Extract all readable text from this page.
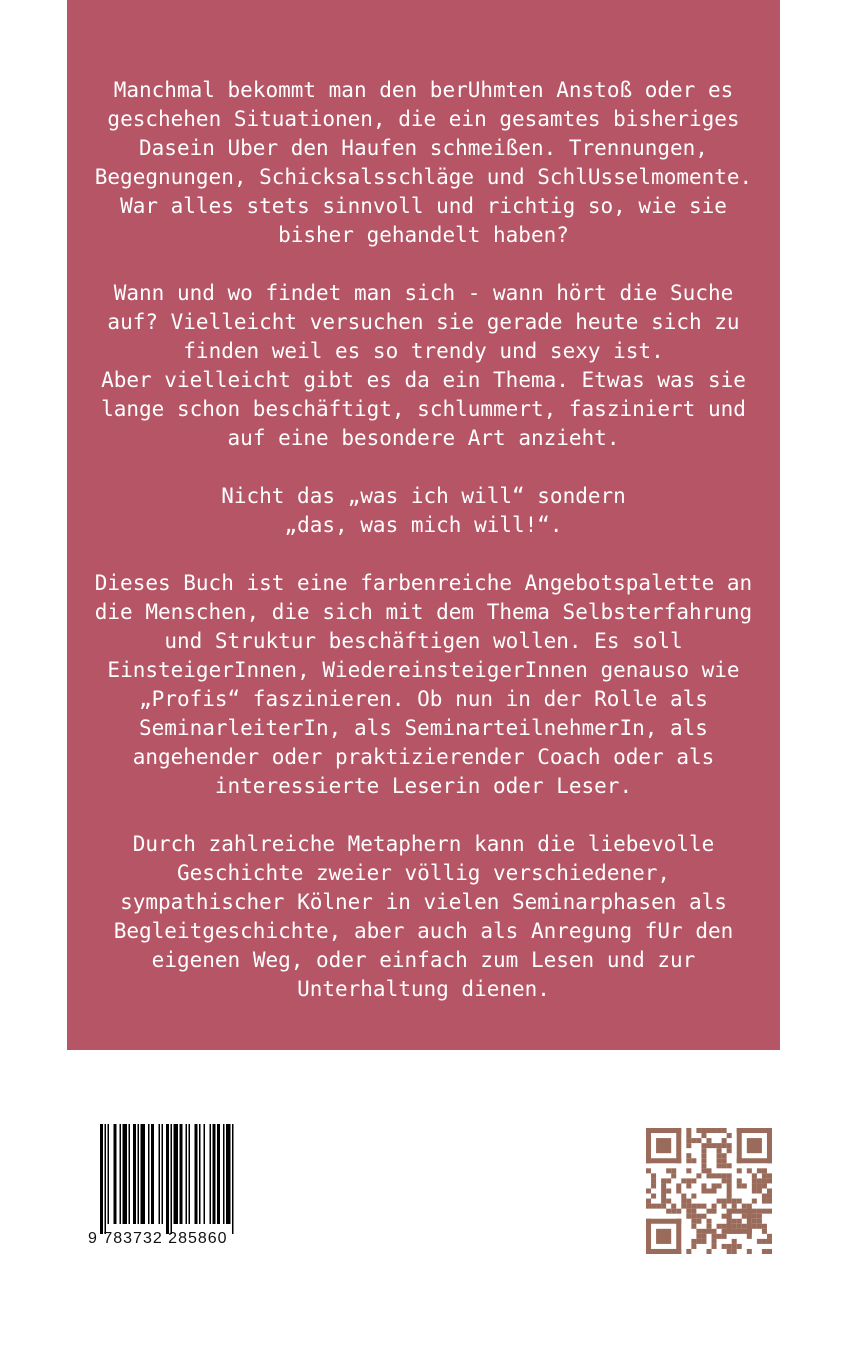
Manchmal bekommt man den berUhmten Anstoß oder es
geschehen Situationen, die ein gesamtes bisheriges
Dasein Uber den Haufen schmeißen. Trennungen,
Begegnungen, Schicksalsschläge und SchlUsselmomente.
War alles stets sinnvoll und richtig so, wie sie
bisher gehandelt haben?

Wann und wo findet man sich - wann hört die Suche
auf? Vielleicht versuchen sie gerade heute sich zu
finden weil es so trendy und sexy ist.
Aber vielleicht gibt es da ein Thema. Etwas was sie
lange schon beschäftigt, schlummert, fasziniert und
auf eine besondere Art anzieht.

Nicht das „was ich will“ sondern
„das, was mich will!“.

Dieses Buch ist eine farbenreiche Angebotspalette an
die Menschen, die sich mit dem Thema Selbsterfahrung
und Struktur beschäftigen wollen. Es soll
EinsteigerInnen, WiedereinsteigerInnen genauso wie
„Profis“ faszinieren. Ob nun in der Rolle als
SeminarleiterIn, als SeminarteilnehmerIn, als
angehender oder praktizierender Coach oder als
interessierte Leserin oder Leser.

Durch zahlreiche Metaphern kann die liebevolle
Geschichte zweier völlig verschiedener,
sympathischer Kölner in vielen Seminarphasen als
Begleitgeschichte, aber auch als Anregung fUr den
eigenen Weg, oder einfach zum Lesen und zur
Unterhaltung dienen.

9 783732 285860
